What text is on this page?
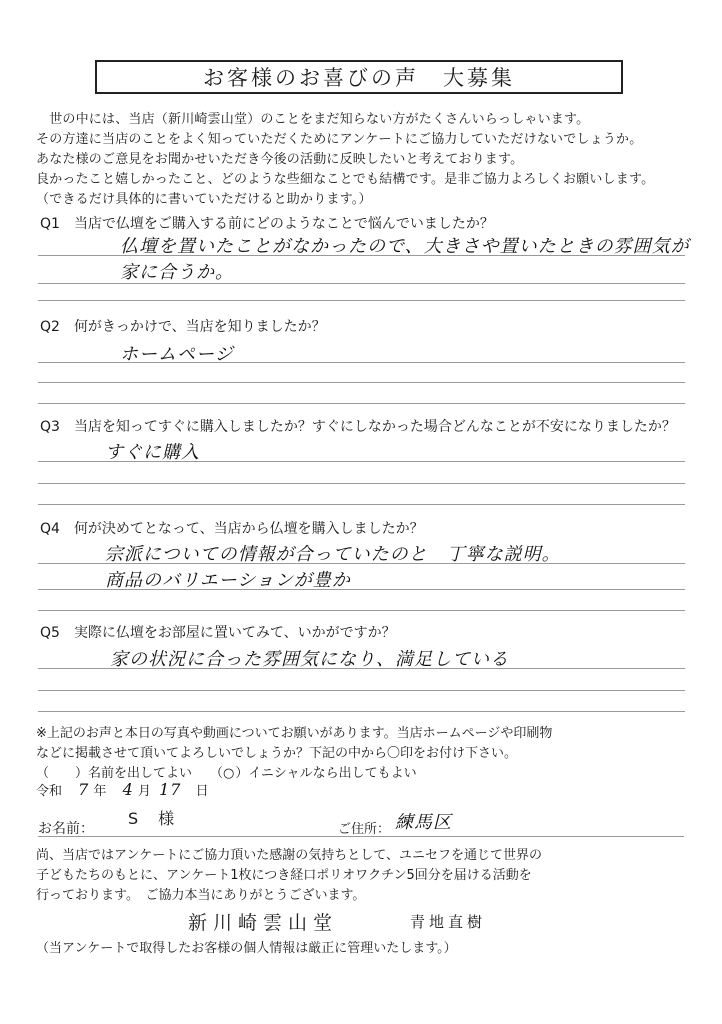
お客様のお喜びの声　大募集
　世の中には、当店（新川崎雲山堂）のことをまだ知らない方がたくさんいらっしゃいます。
その方達に当店のことをよく知っていただくためにアンケートにご協力していただけないでしょうか。
あなた様のご意見をお聞かせいただき今後の活動に反映したいと考えております。
良かったこと嬉しかったこと、どのような些細なことでも結構です。是非ご協力よろしくお願いします。
（できるだけ具体的に書いていただけると助かります。）
Q1　 当店で仏壇をご購入する前にどのようなことで悩んでいましたか？
仏壇を置いたことがなかったので、大きさや置いたときの雰囲気が
家に合うか。
Q2　 何がきっかけで、当店を知りましたか？
ホームページ
Q3　 当店を知ってすぐに購入しましたか？すぐにしなかった場合どんなことが不安になりましたか？
すぐに購入
Q4　 何が決めてとなって、当店から仏壇を購入しましたか？
宗派についての情報が合っていたのと　丁寧な説明。
商品のバリエーションが豊か
Q5　 実際に仏壇をお部屋に置いてみて、いかがですか？
家の状況に合った雰囲気になり、満足している
※上記のお声と本日の写真や動画についてお願いがあります。当店ホームページや印刷物
などに掲載させて頂いてよろしいでしょうか？下記の中から〇印をお付け下さい。
（　　）名前を出してよい （○）イニシャルなら出してもよい
令和 7 年 4 月 17 日
お名前：
S　様
ご住所： 練馬区
尚、当店ではアンケートにご協力頂いた感謝の気持ちとして、ユニセフを通じて世界の
子どもたちのもとに、アンケート1枚につき経口ポリオワクチン5回分を届ける活動を
行っております。　ご協力本当にありがとうございます。
新川崎雲山堂	青地直樹
（当アンケートで取得したお客様の個人情報は厳正に管理いたします。）
